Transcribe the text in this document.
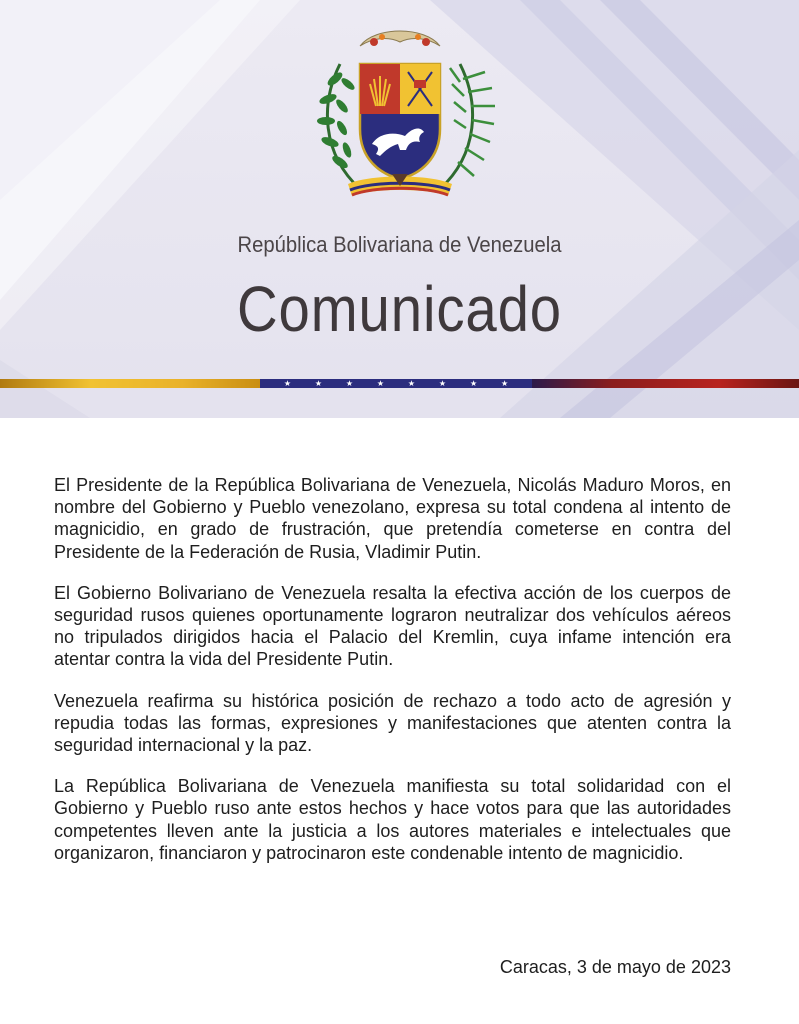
República Bolivariana de Venezuela
Comunicado
★	★	★	★	★	★	★	★

El Presidente de la República Bolivariana de Venezuela, Nicolás Maduro Moros, en nombre del Gobierno y Pueblo venezolano, expresa su total condena al intento de magnicidio, en grado de frustración, que pretendía cometerse en contra del Presidente de la Federación de Rusia, Vladimir Putin.

El Gobierno Bolivariano de Venezuela resalta la efectiva acción de los cuerpos de seguridad rusos quienes oportunamente lograron neutralizar dos vehículos aéreos no tripulados dirigidos hacia el Palacio del Kremlin, cuya infame intención era atentar contra la vida del Presidente Putin.

Venezuela reafirma su histórica posición de rechazo a todo acto de agresión y repudia todas las formas, expresiones y manifestaciones que atenten contra la seguridad internacional y la paz.

La República Bolivariana de Venezuela manifiesta su total solidaridad con el Gobierno y Pueblo ruso ante estos hechos y hace votos para que las autoridades competentes lleven ante la justicia a los autores materiales e intelectuales que organizaron, financiaron y patrocinaron este condenable intento de magnicidio.

Caracas, 3 de mayo de 2023
